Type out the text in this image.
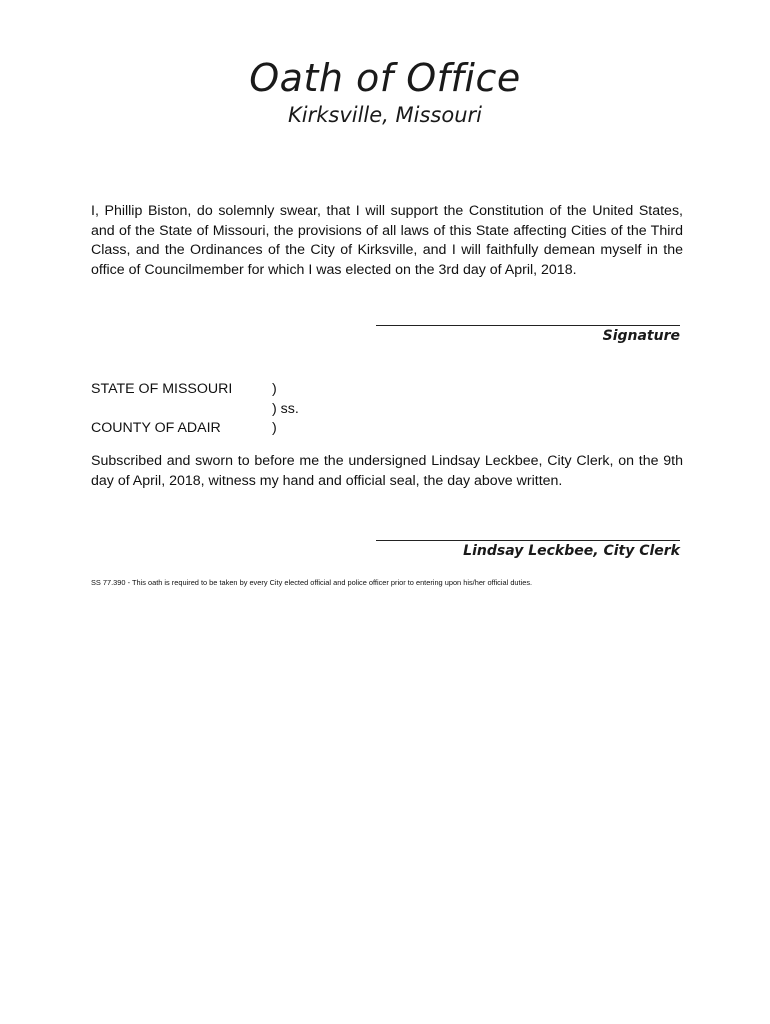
Oath of Office
Kirksville, Missouri
I, Phillip Biston, do solemnly swear, that I will support the Constitution of the United States, and of the State of Missouri, the provisions of all laws of this State affecting Cities of the Third Class, and the Ordinances of the City of Kirksville, and I will faithfully demean myself in the office of Councilmember for which I was elected on the 3rd day of April, 2018.
Signature
STATE OF MISSOURI	)
) ss.
COUNTY OF ADAIR	)
Subscribed and sworn to before me the undersigned Lindsay Leckbee, City Clerk, on the 9th day of April, 2018, witness my hand and official seal, the day above written.
Lindsay Leckbee, City Clerk
SS 77.390 - This oath is required to be taken by every City elected official and police officer prior to entering upon his/her official duties.
